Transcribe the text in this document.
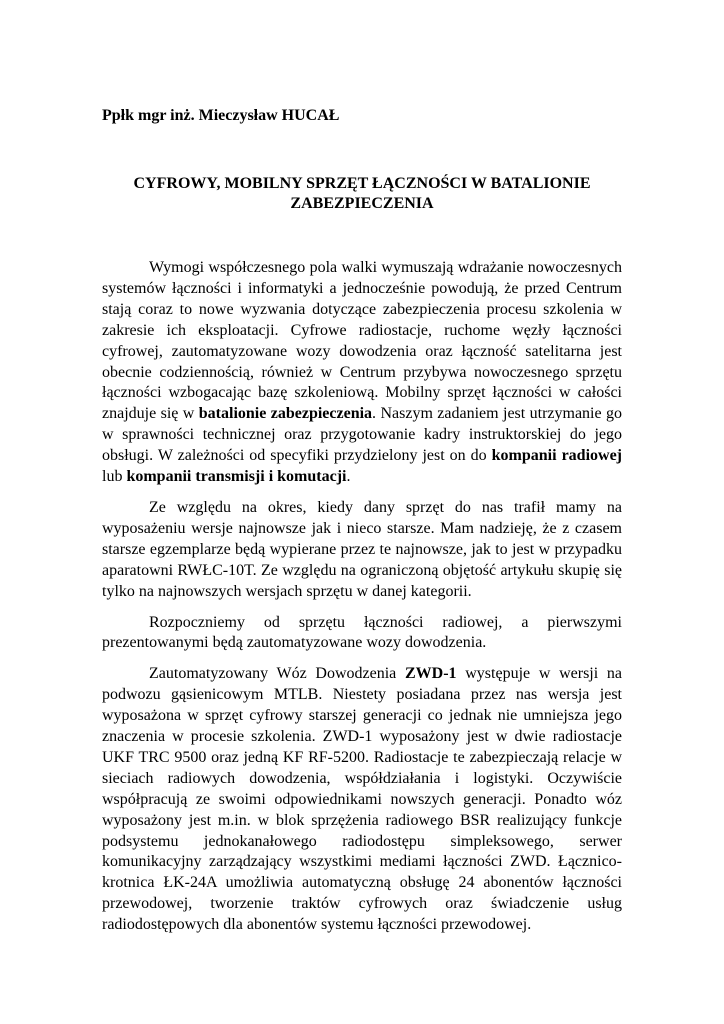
Ppłk mgr inż. Mieczysław HUCAŁ
CYFROWY, MOBILNY SPRZĘT ŁĄCZNOŚCI W BATALIONIE
ZABEZPIECZENIA

Wymogi współczesnego pola walki wymuszają wdrażanie nowoczesnych systemów łączności i informatyki a jednocześnie powodują, że przed Centrum stają coraz to nowe wyzwania dotyczące zabezpieczenia procesu szkolenia w zakresie ich eksploatacji. Cyfrowe radiostacje, ruchome węzły łączności cyfrowej, zautomatyzowane wozy dowodzenia oraz łączność satelitarna jest obecnie codziennością, również w Centrum przybywa nowoczesnego sprzętu łączności wzbogacając bazę szkoleniową. Mobilny sprzęt łączności w całości znajduje się w batalionie zabezpieczenia. Naszym zadaniem jest utrzymanie go w sprawności technicznej oraz przygotowanie kadry instruktorskiej do jego obsługi. W zależności od specyfiki przydzielony jest on do kompanii radiowej lub kompanii transmisji i komutacji.

Ze względu na okres, kiedy dany sprzęt do nas trafił mamy na wyposażeniu wersje najnowsze jak i nieco starsze. Mam nadzieję, że z czasem starsze egzemplarze będą wypierane przez te najnowsze, jak to jest w przypadku aparatowni RWŁC-10T. Ze względu na ograniczoną objętość artykułu skupię się tylko na najnowszych wersjach sprzętu w danej kategorii.

Rozpoczniemy od sprzętu łączności radiowej, a pierwszymi prezentowanymi będą zautomatyzowane wozy dowodzenia.

Zautomatyzowany Wóz Dowodzenia ZWD-1 występuje w wersji na podwozu gąsienicowym MTLB. Niestety posiadana przez nas wersja jest wyposażona w sprzęt cyfrowy starszej generacji co jednak nie umniejsza jego znaczenia w procesie szkolenia. ZWD-1 wyposażony jest w dwie radiostacje UKF TRC 9500 oraz jedną KF RF-5200. Radiostacje te zabezpieczają relacje w sieciach radiowych dowodzenia, współdziałania i logistyki. Oczywiście współpracują ze swoimi odpowiednikami nowszych generacji. Ponadto wóz wyposażony jest m.in. w blok sprzężenia radiowego BSR realizujący funkcje podsystemu jednokanałowego radiodostępu simpleksowego, serwer komunikacyjny zarządzający wszystkimi mediami łączności ZWD. Łącznico-krotnica ŁK-24A umożliwia automatyczną obsługę 24 abonentów łączności przewodowej, tworzenie traktów cyfrowych oraz świadczenie usług radiodostępowych dla abonentów systemu łączności przewodowej.
